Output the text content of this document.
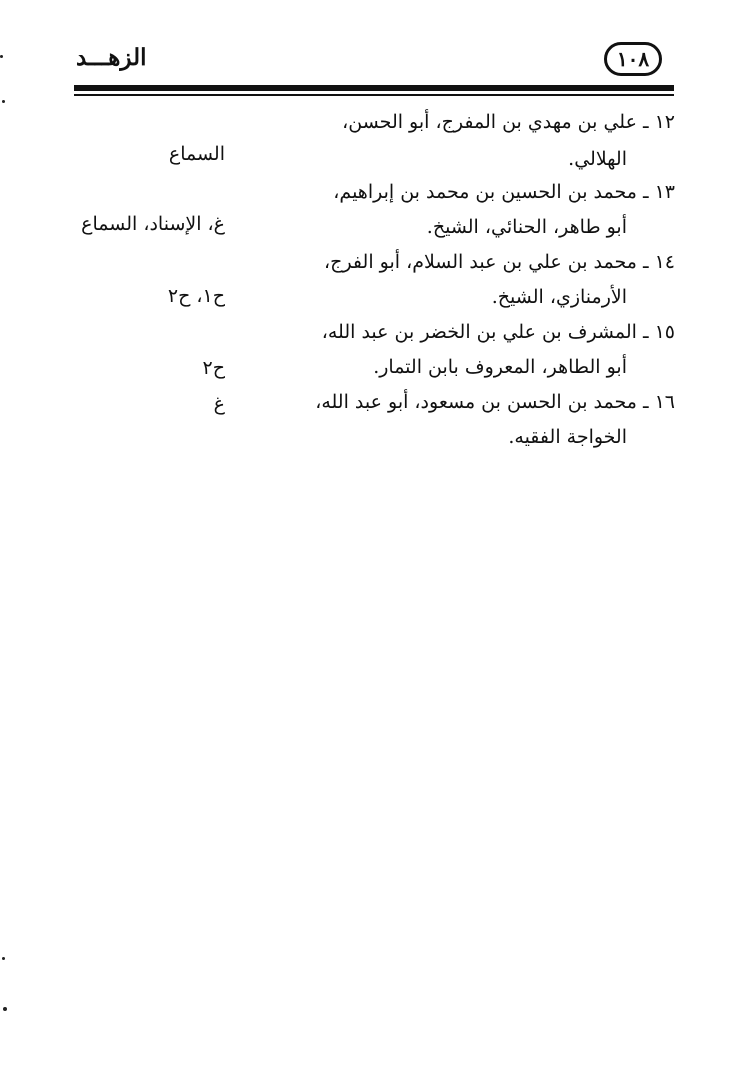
الزهـــد	١٠٨
١٢ ـ علي بن مهدي بن المفرج، أبو الحسن،
الهلالي.
السماع
١٣ ـ محمد بن الحسين بن محمد بن إبراهيم،
أبو طاهر، الحنائي، الشيخ.
غ، الإسناد، السماع
١٤ ـ محمد بن علي بن عبد السلام، أبو الفرج،
الأرمنازي، الشيخ.
ح١، ح٢
١٥ ـ المشرف بن علي بن الخضر بن عبد الله،
أبو الطاهر، المعروف بابن التمار.
ح٢
١٦ ـ محمد بن الحسن بن مسعود، أبو عبد الله،
الخواجة الفقيه.
غ
